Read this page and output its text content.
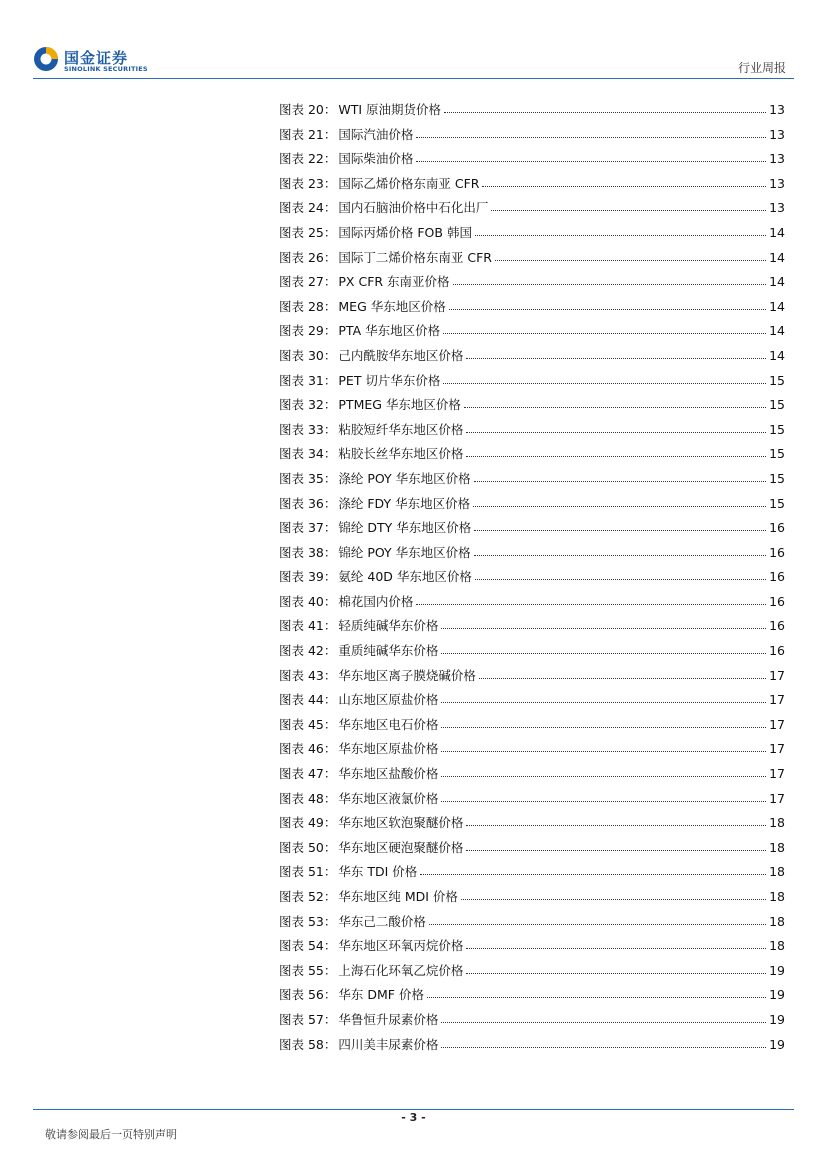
国金证券
SINOLINK SECURITIES	行业周报
图表 20： WTI 原油期货价格	13
图表 21： 国际汽油价格	13
图表 22： 国际柴油价格	13
图表 23： 国际乙烯价格东南亚 CFR	13
图表 24： 国内石脑油价格中石化出厂	13
图表 25： 国际丙烯价格 FOB 韩国	14
图表 26： 国际丁二烯价格东南亚 CFR	14
图表 27： PX CFR 东南亚价格	14
图表 28： MEG 华东地区价格	14
图表 29： PTA 华东地区价格	14
图表 30： 己内酰胺华东地区价格	14
图表 31： PET 切片华东价格	15
图表 32： PTMEG 华东地区价格	15
图表 33： 粘胶短纤华东地区价格	15
图表 34： 粘胶长丝华东地区价格	15
图表 35： 涤纶 POY 华东地区价格	15
图表 36： 涤纶 FDY 华东地区价格	15
图表 37： 锦纶 DTY 华东地区价格	16
图表 38： 锦纶 POY 华东地区价格	16
图表 39： 氨纶 40D 华东地区价格	16
图表 40： 棉花国内价格	16
图表 41： 轻质纯碱华东价格	16
图表 42： 重质纯碱华东价格	16
图表 43： 华东地区离子膜烧碱价格	17
图表 44： 山东地区原盐价格	17
图表 45： 华东地区电石价格	17
图表 46： 华东地区原盐价格	17
图表 47： 华东地区盐酸价格	17
图表 48： 华东地区液氯价格	17
图表 49： 华东地区软泡聚醚价格	18
图表 50： 华东地区硬泡聚醚价格	18
图表 51： 华东 TDI 价格	18
图表 52： 华东地区纯 MDI 价格	18
图表 53： 华东己二酸价格	18
图表 54： 华东地区环氧丙烷价格	18
图表 55： 上海石化环氧乙烷价格	19
图表 56： 华东 DMF 价格	19
图表 57： 华鲁恒升尿素价格	19
图表 58： 四川美丰尿素价格	19
- 3 -
敬请参阅最后一页特别声明
